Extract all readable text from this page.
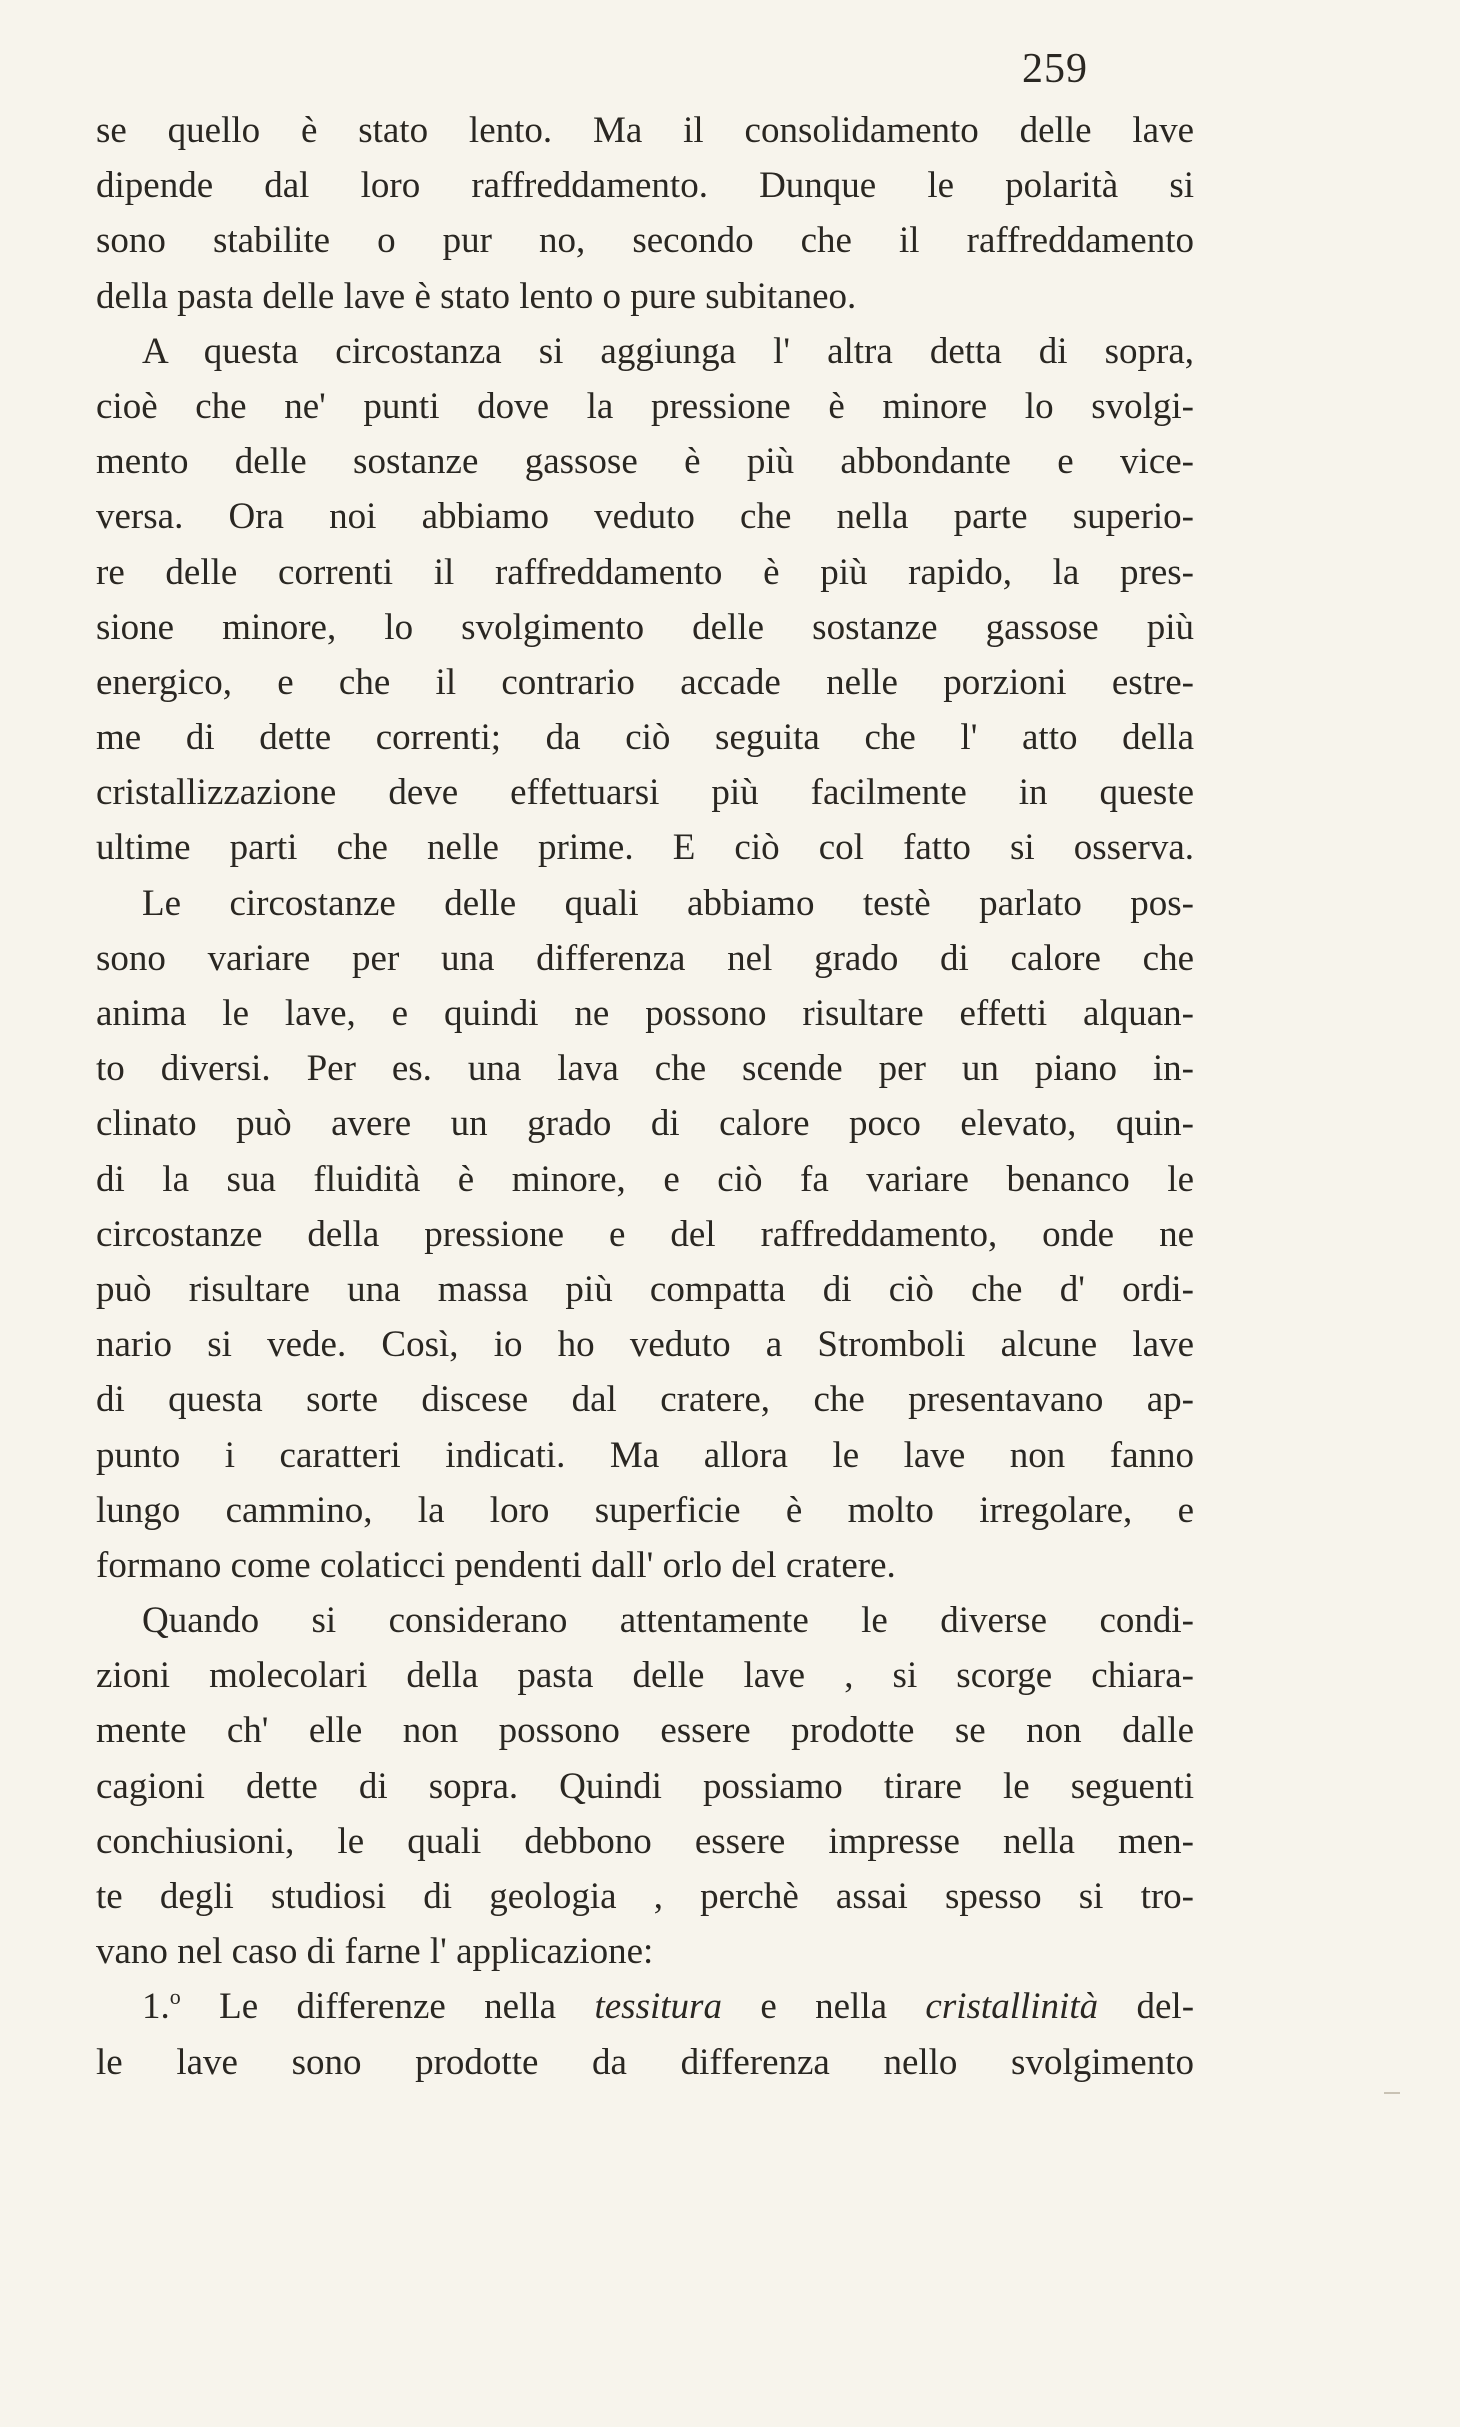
259
se quello è stato lento. Ma il consolidamento delle lave
dipende dal loro raffreddamento. Dunque le polarità si
sono stabilite o pur no, secondo che il raffreddamento
della pasta delle lave è stato lento o pure subitaneo.
A questa circostanza si aggiunga l' altra detta di sopra,
cioè che ne' punti dove la pressione è minore lo svolgi-
mento delle sostanze gassose è più abbondante e vice-
versa. Ora noi abbiamo veduto che nella parte superio-
re delle correnti il raffreddamento è più rapido, la pres-
sione minore, lo svolgimento delle sostanze gassose più
energico, e che il contrario accade nelle porzioni estre-
me di dette correnti; da ciò seguita che l' atto della
cristallizzazione deve effettuarsi più facilmente in queste
ultime parti che nelle prime. E ciò col fatto si osserva.
Le circostanze delle quali abbiamo testè parlato pos-
sono variare per una differenza nel grado di calore che
anima le lave, e quindi ne possono risultare effetti alquan-
to diversi. Per es. una lava che scende per un piano in-
clinato può avere un grado di calore poco elevato, quin-
di la sua fluidità è minore, e ciò fa variare benanco le
circostanze della pressione e del raffreddamento, onde ne
può risultare una massa più compatta di ciò che d' ordi-
nario si vede. Così, io ho veduto a Stromboli alcune lave
di questa sorte discese dal cratere, che presentavano ap-
punto i caratteri indicati. Ma allora le lave non fanno
lungo cammino, la loro superficie è molto irregolare, e
formano come colaticci pendenti dall' orlo del cratere.
Quando si considerano attentamente le diverse condi-
zioni molecolari della pasta delle lave , si scorge chiara-
mente ch' elle non possono essere prodotte se non dalle
cagioni dette di sopra. Quindi possiamo tirare le seguenti
conchiusioni, le quali debbono essere impresse nella men-
te degli studiosi di geologia , perchè assai spesso si tro-
vano nel caso di farne l' applicazione:
1.$^o$ Le differenze nella tessitura e nella cristallinità del-
le lave sono prodotte da differenza nello svolgimento
